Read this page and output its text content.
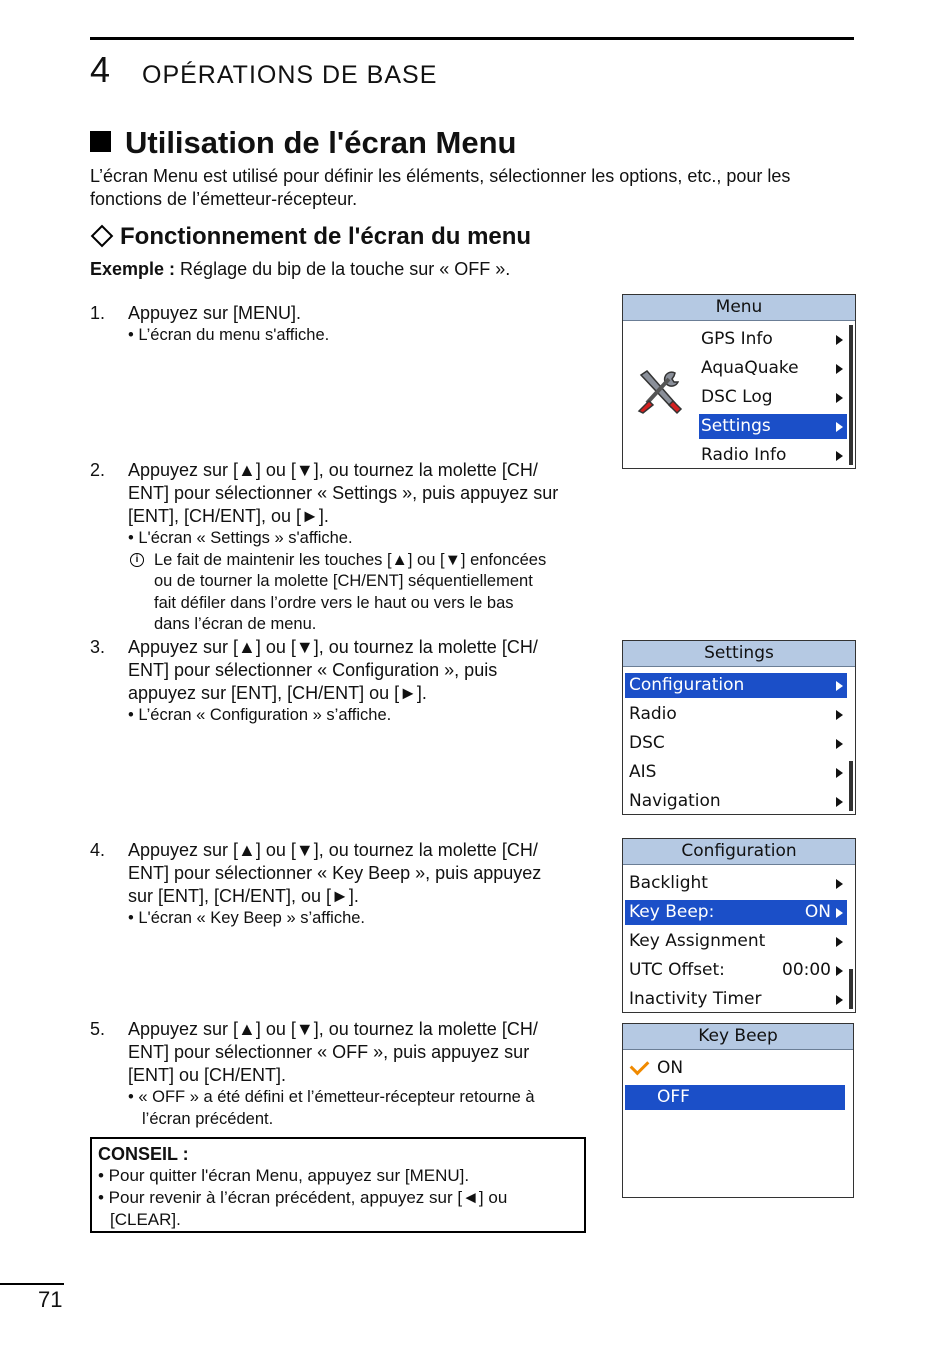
4 OPÉRATIONS DE BASE
Utilisation de l'écran Menu
L’écran Menu est utilisé pour définir les éléments, sélectionner les options, etc., pour les fonctions de l’émetteur-récepteur.
Fonctionnement de l'écran du menu
Exemple : Réglage du bip de la touche sur « OFF ».
1. Appuyez sur [MENU].
• L’écran du menu s'affiche.
2. Appuyez sur [▲] ou [▼], ou tournez la molette [CH/
ENT] pour sélectionner « Settings », puis appuyez sur
[ENT], [CH/ENT], ou [►].
• L'écran « Settings » s'affiche.
i Le fait de maintenir les touches [▲] ou [▼] enfoncées
ou de tourner la molette [CH/ENT] séquentiellement
fait défiler dans l’ordre vers le haut ou vers le bas
dans l’écran de menu.
3. Appuyez sur [▲] ou [▼], ou tournez la molette [CH/
ENT] pour sélectionner « Configuration », puis
appuyez sur [ENT], [CH/ENT] ou [►].
• L’écran « Configuration » s’affiche.
4. Appuyez sur [▲] ou [▼], ou tournez la molette [CH/
ENT] pour sélectionner « Key Beep », puis appuyez
sur [ENT], [CH/ENT], ou [►].
• L'écran « Key Beep » s’affiche.
5. Appuyez sur [▲] ou [▼], ou tournez la molette [CH/
ENT] pour sélectionner « OFF », puis appuyez sur
[ENT] ou [CH/ENT].
• « OFF » a été défini et l’émetteur-récepteur retourne à
l’écran précédent.
CONSEIL :
• Pour quitter l'écran Menu, appuyez sur [MENU].
• Pour revenir à l’écran précédent, appuyez sur [◄] ou
[CLEAR].
71
Menu
GPS Info
AquaQuake
DSC Log
Settings
Radio Info
Settings
Configuration
Radio
DSC
AIS
Navigation
Configuration
Backlight
Key Beep:	ON
Key Assignment
UTC Offset:	00:00
Inactivity Timer
Key Beep
ON
OFF
